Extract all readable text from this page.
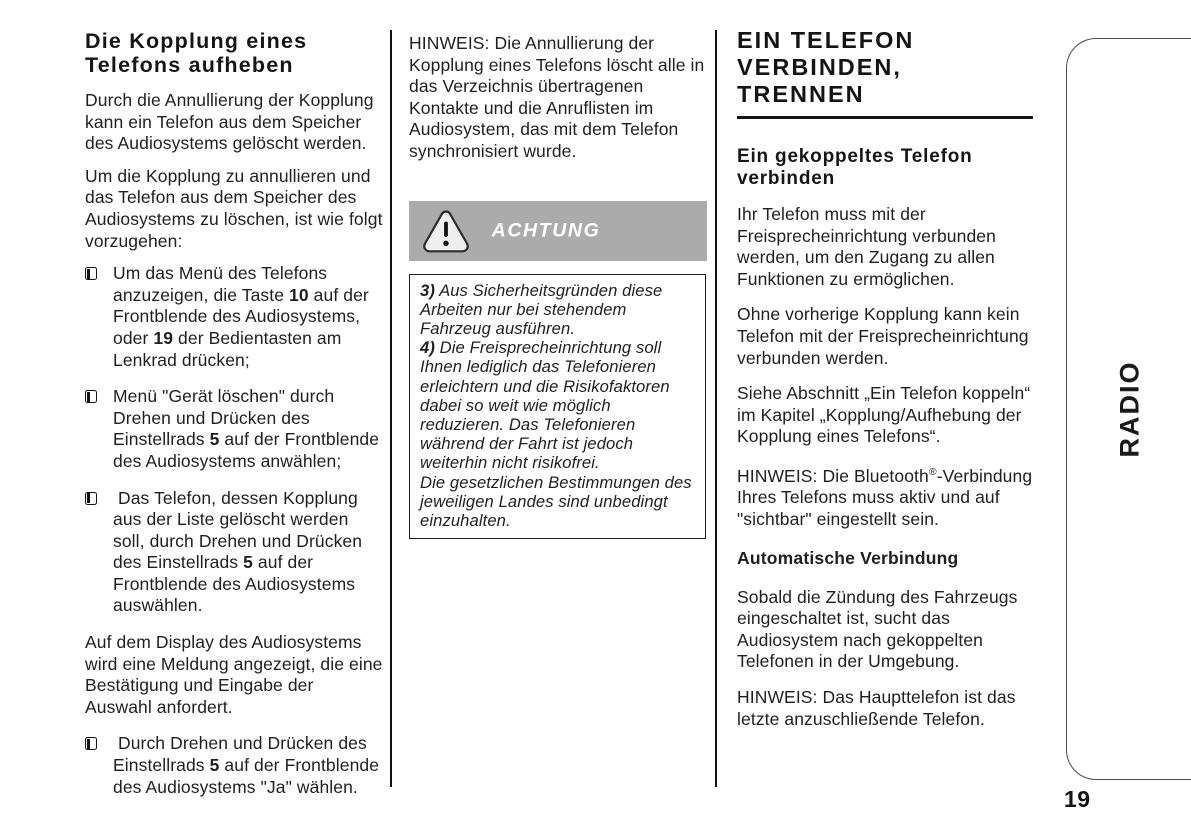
Die Kopplung eines Telefons aufheben

Durch die Annullierung der Kopplung kann ein Telefon aus dem Speicher des Audiosystems gelöscht werden.

Um die Kopplung zu annullieren und das Telefon aus dem Speicher des Audiosystems zu löschen, ist wie folgt vorzugehen:

Um das Menü des Telefons anzuzeigen, die Taste 10 auf der Frontblende des Audiosystems, oder 19 der Bedientasten am Lenkrad drücken;
Menü "Gerät löschen" durch Drehen und Drücken des Einstellrads 5 auf der Frontblende des Audiosystems anwählen;
Das Telefon, dessen Kopplung aus der Liste gelöscht werden soll, durch Drehen und Drücken des Einstellrads 5 auf der Frontblende des Audiosystems auswählen.

Auf dem Display des Audiosystems wird eine Meldung angezeigt, die eine Bestätigung und Eingabe der Auswahl anfordert.

Durch Drehen und Drücken des Einstellrads 5 auf der Frontblende des Audiosystems "Ja" wählen.

HINWEIS: Die Annullierung der Kopplung eines Telefons löscht alle in das Verzeichnis übertragenen Kontakte und die Anruflisten im Audiosystem, das mit dem Telefon synchronisiert wurde.

ACHTUNG

3) Aus Sicherheitsgründen diese Arbeiten nur bei stehendem Fahrzeug ausführen.

4) Die Freisprecheinrichtung soll Ihnen lediglich das Telefonieren erleichtern und die Risikofaktoren dabei so weit wie möglich reduzieren. Das Telefonieren während der Fahrt ist jedoch weiterhin nicht risikofrei.

Die gesetzlichen Bestimmungen des jeweiligen Landes sind unbedingt einzuhalten.

EIN TELEFON VERBINDEN, TRENNEN
Ein gekoppeltes Telefon verbinden

Ihr Telefon muss mit der Freisprecheinrichtung verbunden werden, um den Zugang zu allen Funktionen zu ermöglichen.

Ohne vorherige Kopplung kann kein Telefon mit der Freisprecheinrichtung verbunden werden.

Siehe Abschnitt „Ein Telefon koppeln“ im Kapitel „Kopplung/Aufhebung der Kopplung eines Telefons“.

HINWEIS: Die Bluetooth®-Verbindung Ihres Telefons muss aktiv und auf "sichtbar" eingestellt sein.

Automatische Verbindung

Sobald die Zündung des Fahrzeugs eingeschaltet ist, sucht das Audiosystem nach gekoppelten Telefonen in der Umgebung.

HINWEIS: Das Haupttelefon ist das letzte anzuschließende Telefon.

RADIO
19
